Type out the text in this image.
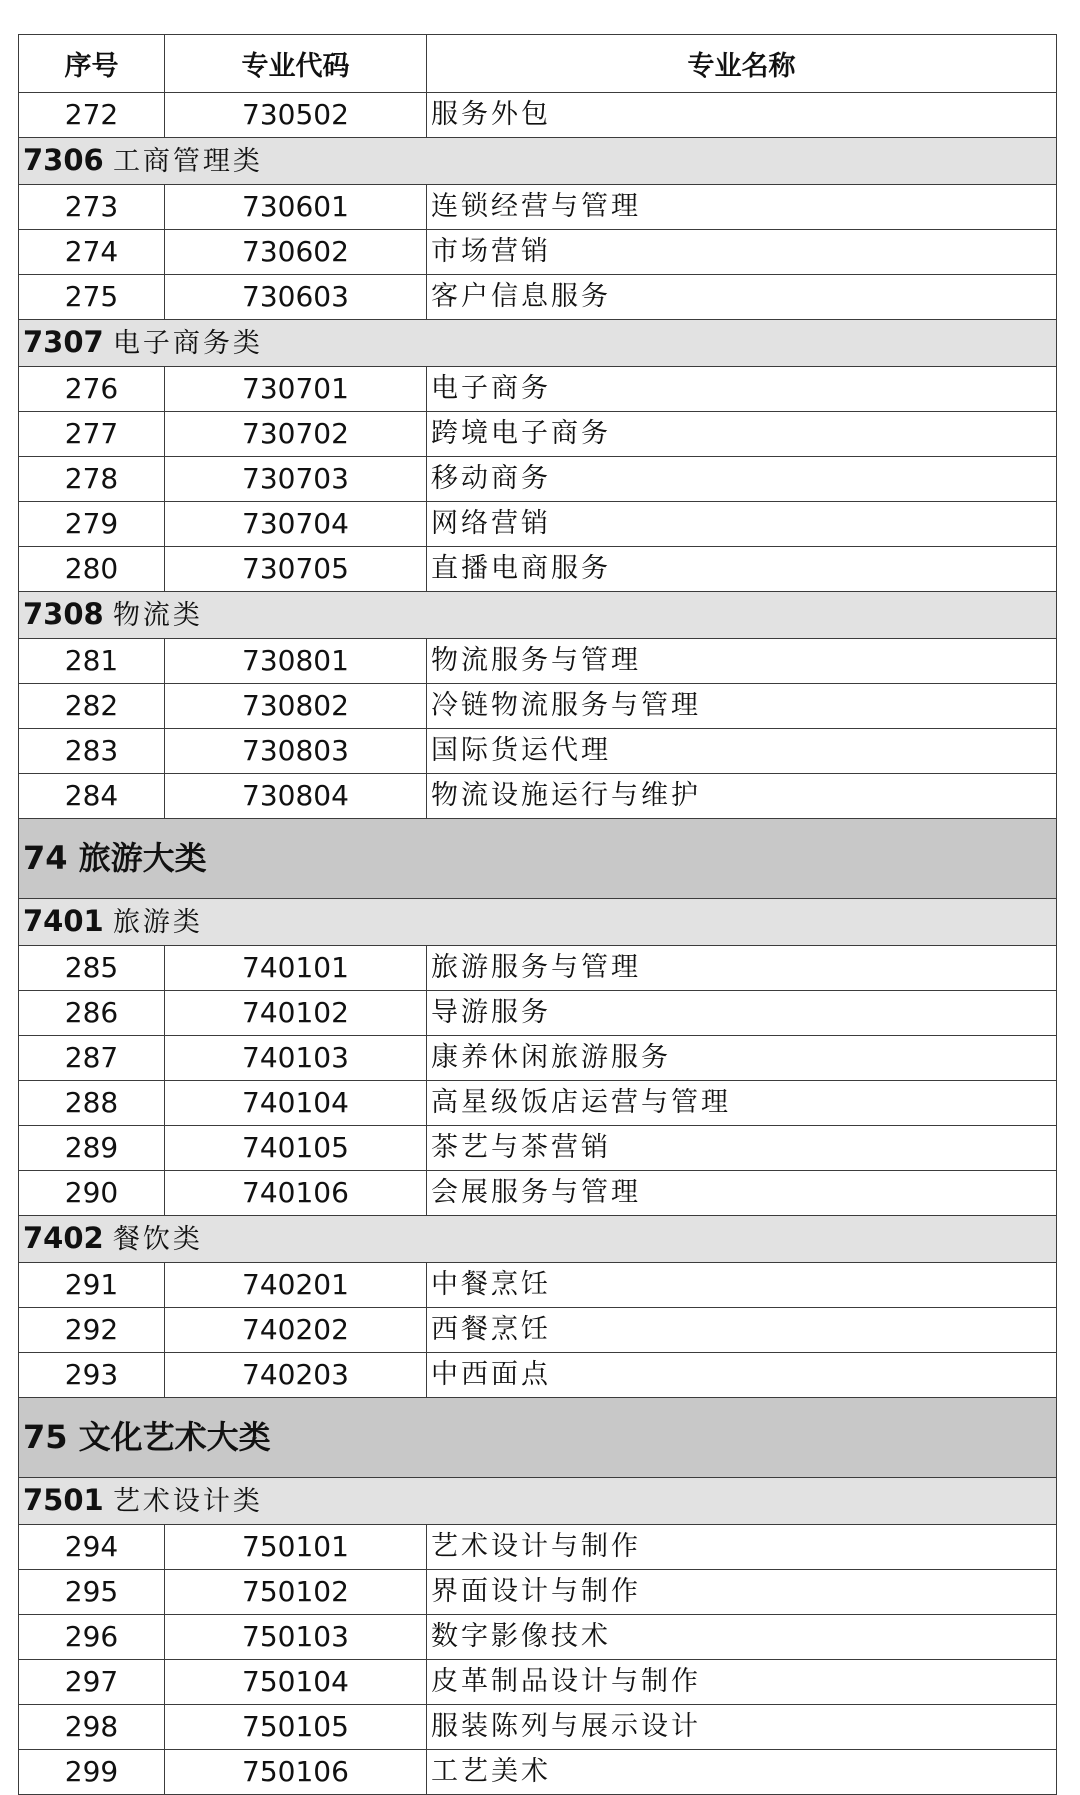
序号	专业代码	专业名称
272	730502	服务外包
7306 工商管理类		
273	730601	连锁经营与管理
274	730602	市场营销
275	730603	客户信息服务
7307 电子商务类		
276	730701	电子商务
277	730702	跨境电子商务
278	730703	移动商务
279	730704	网络营销
280	730705	直播电商服务
7308 物流类		
281	730801	物流服务与管理
282	730802	冷链物流服务与管理
283	730803	国际货运代理
284	730804	物流设施运行与维护
74 旅游大类		
7401 旅游类		
285	740101	旅游服务与管理
286	740102	导游服务
287	740103	康养休闲旅游服务
288	740104	高星级饭店运营与管理
289	740105	茶艺与茶营销
290	740106	会展服务与管理
7402 餐饮类		
291	740201	中餐烹饪
292	740202	西餐烹饪
293	740203	中西面点
75 文化艺术大类		
7501 艺术设计类		
294	750101	艺术设计与制作
295	750102	界面设计与制作
296	750103	数字影像技术
297	750104	皮革制品设计与制作
298	750105	服装陈列与展示设计
299	750106	工艺美术
